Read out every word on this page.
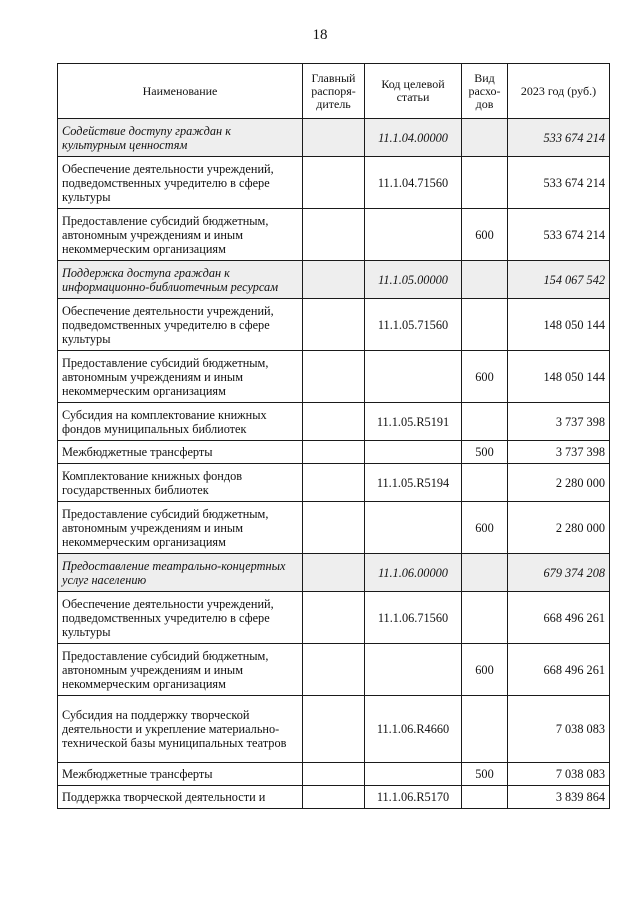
18
Наименование	Главный распоря-дитель	Код целевой статьи	Вид расхо-дов	2023 год (руб.)
Содействие доступу граждан к культурным ценностям		11.1.04.00000		533 674 214
Обеспечение деятельности учреждений, подведомственных учредителю в сфере культуры		11.1.04.71560		533 674 214
Предоставление субсидий бюджетным, автономным учреждениям и иным некоммерческим организациям			600	533 674 214
Поддержка доступа граждан к информационно-библиотечным ресурсам		11.1.05.00000		154 067 542
Обеспечение деятельности учреждений, подведомственных учредителю в сфере культуры		11.1.05.71560		148 050 144
Предоставление субсидий бюджетным, автономным учреждениям и иным некоммерческим организациям			600	148 050 144
Субсидия на комплектование книжных фондов муниципальных библиотек		11.1.05.R5191		3 737 398
Межбюджетные трансферты			500	3 737 398
Комплектование книжных фондов государственных библиотек		11.1.05.R5194		2 280 000
Предоставление субсидий бюджетным, автономным учреждениям и иным некоммерческим организациям			600	2 280 000
Предоставление театрально-концертных услуг населению		11.1.06.00000		679 374 208
Обеспечение деятельности учреждений, подведомственных учредителю в сфере культуры		11.1.06.71560		668 496 261
Предоставление субсидий бюджетным, автономным учреждениям и иным некоммерческим организациям			600	668 496 261
Субсидия на поддержку творческой деятельности и укрепление материально-технической базы муниципальных театров		11.1.06.R4660		7 038 083
Межбюджетные трансферты			500	7 038 083
Поддержка творческой деятельности и		11.1.06.R5170		3 839 864
